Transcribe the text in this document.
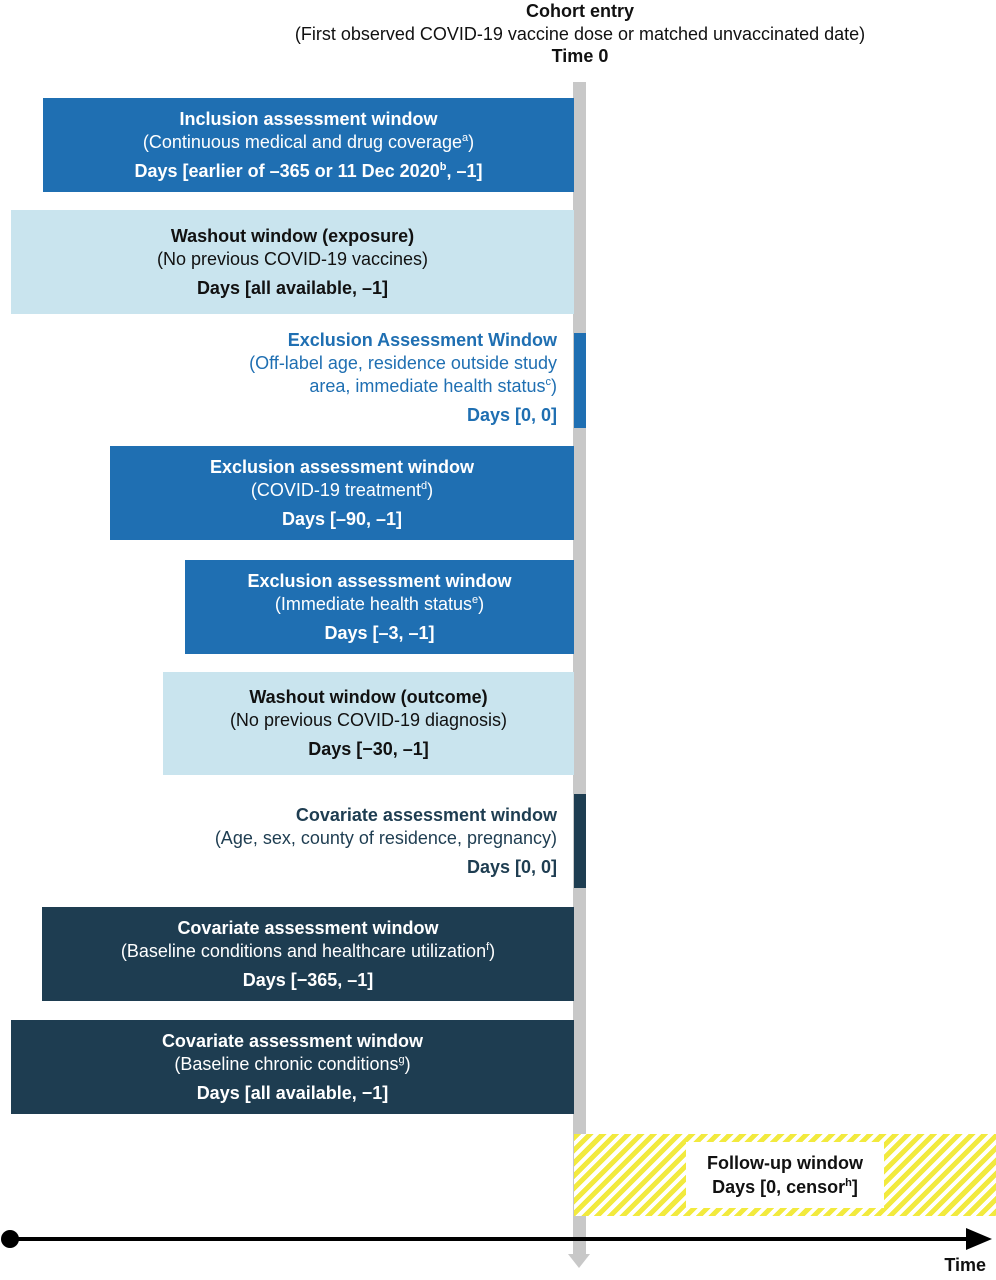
Cohort entry
(First observed COVID-19 vaccine dose or matched unvaccinated date)
Time 0
Inclusion assessment window
(Continuous medical and drug coverage$^a$)
Days [earlier of –365 or 11 Dec 2020$^b$, –1]
Washout window (exposure)
(No previous COVID-19 vaccines)
Days [all available, –1]
Exclusion Assessment Window
(Off-label age, residence outside study
area, immediate health status$^c$)
Days [0, 0]
Exclusion assessment window
(COVID-19 treatment$^d$)
Days [–90, –1]
Exclusion assessment window
(Immediate health status$^e$)
Days [–3, –1]
Washout window (outcome)
(No previous COVID-19 diagnosis)
Days [−30, –1]
Covariate assessment window
(Age, sex, county of residence, pregnancy)
Days [0, 0]
Covariate assessment window
(Baseline conditions and healthcare utilization$^f$)
Days [−365, –1]
Covariate assessment window
(Baseline chronic conditions$^g$)
Days [all available, −1]
Follow-up window
Days [0, censor$^h$]
Time
